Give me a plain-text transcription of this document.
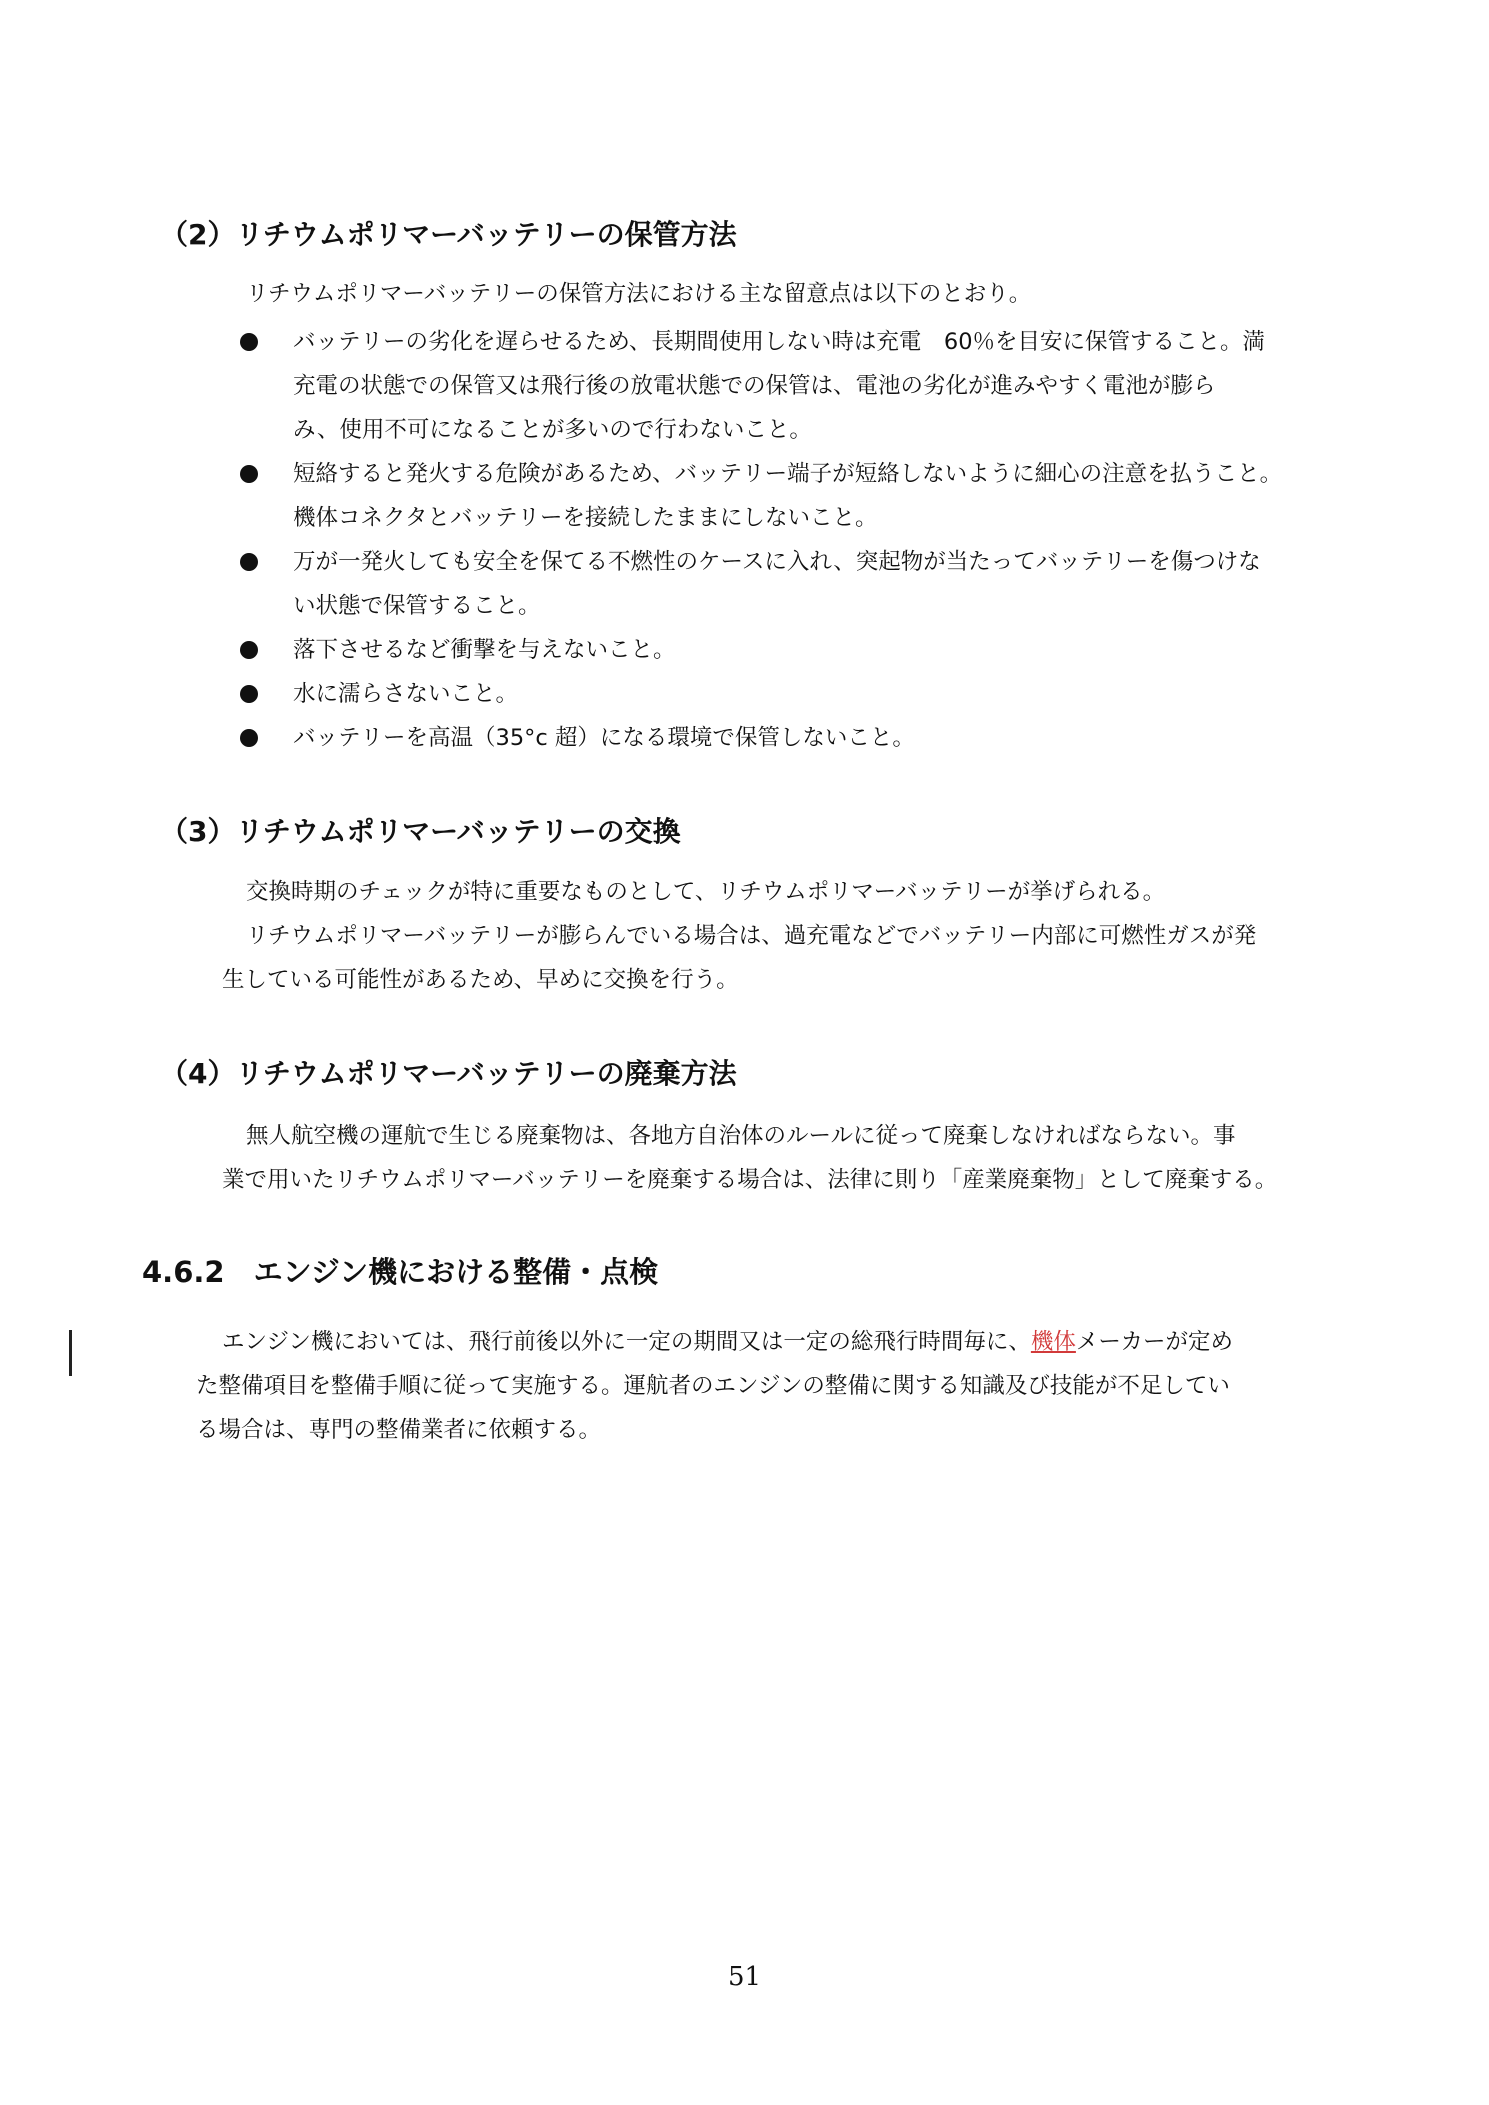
（2）リチウムポリマーバッテリーの保管方法
リチウムポリマーバッテリーの保管方法における主な留意点は以下のとおり。
バッテリーの劣化を遅らせるため、長期間使用しない時は充電　60％を目安に保管すること。満
充電の状態での保管又は飛行後の放電状態での保管は、電池の劣化が進みやすく電池が膨ら
み、使用不可になることが多いので行わないこと。
短絡すると発火する危険があるため、バッテリー端子が短絡しないように細心の注意を払うこと。
機体コネクタとバッテリーを接続したままにしないこと。
万が一発火しても安全を保てる不燃性のケースに入れ、突起物が当たってバッテリーを傷つけな
い状態で保管すること。
落下させるなど衝撃を与えないこと。
水に濡らさないこと。
バッテリーを高温（35°c 超）になる環境で保管しないこと。
（3）リチウムポリマーバッテリーの交換
交換時期のチェックが特に重要なものとして、リチウムポリマーバッテリーが挙げられる。
リチウムポリマーバッテリーが膨らんでいる場合は、過充電などでバッテリー内部に可燃性ガスが発
生している可能性があるため、早めに交換を行う。
（4）リチウムポリマーバッテリーの廃棄方法
無人航空機の運航で生じる廃棄物は、各地方自治体のルールに従って廃棄しなければならない。事
業で用いたリチウムポリマーバッテリーを廃棄する場合は、法律に則り「産業廃棄物」として廃棄する。
4.6.2　エンジン機における整備・点検
エンジン機においては、飛行前後以外に一定の期間又は一定の総飛行時間毎に、機体メーカーが定め
た整備項目を整備手順に従って実施する。運航者のエンジンの整備に関する知識及び技能が不足してい
る場合は、専門の整備業者に依頼する。
51
